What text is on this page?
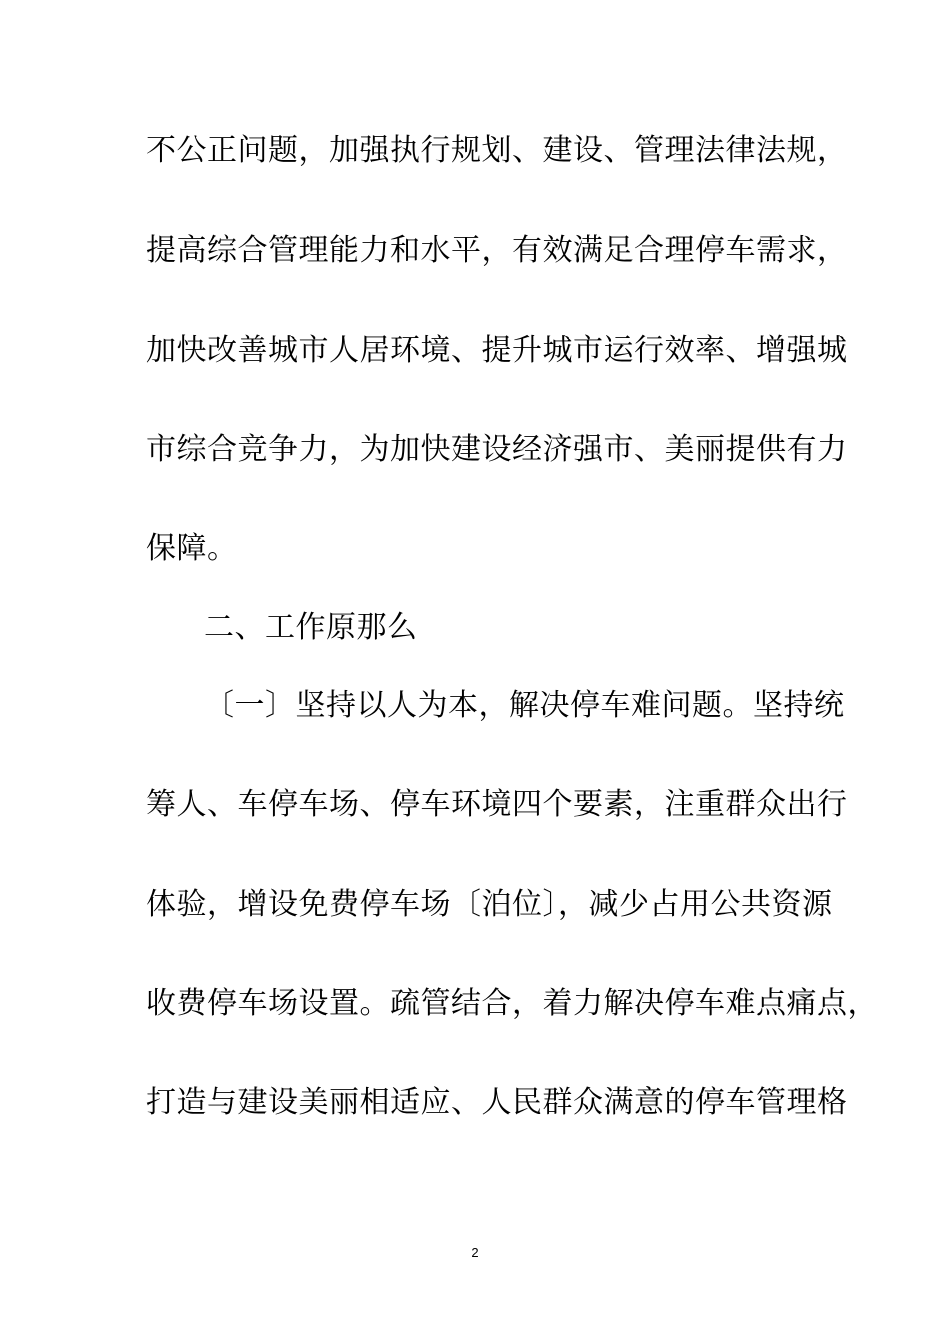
不公正问题，加强执行规划、建设、管理法律法规，
提高综合管理能力和水平，有效满足合理停车需求，
加快改善城市人居环境、提升城市运行效率、增强城
市综合竞争力，为加快建设经济强市、美丽提供有力
保障。
二、工作原那么
〔一〕坚持以人为本，解决停车难问题。坚持统
筹人、车停车场、停车环境四个要素，注重群众出行
体验，增设免费停车场〔泊位〕，减少占用公共资源
收费停车场设置。疏管结合，着力解决停车难点痛点，
打造与建设美丽相适应、人民群众满意的停车管理格
2
